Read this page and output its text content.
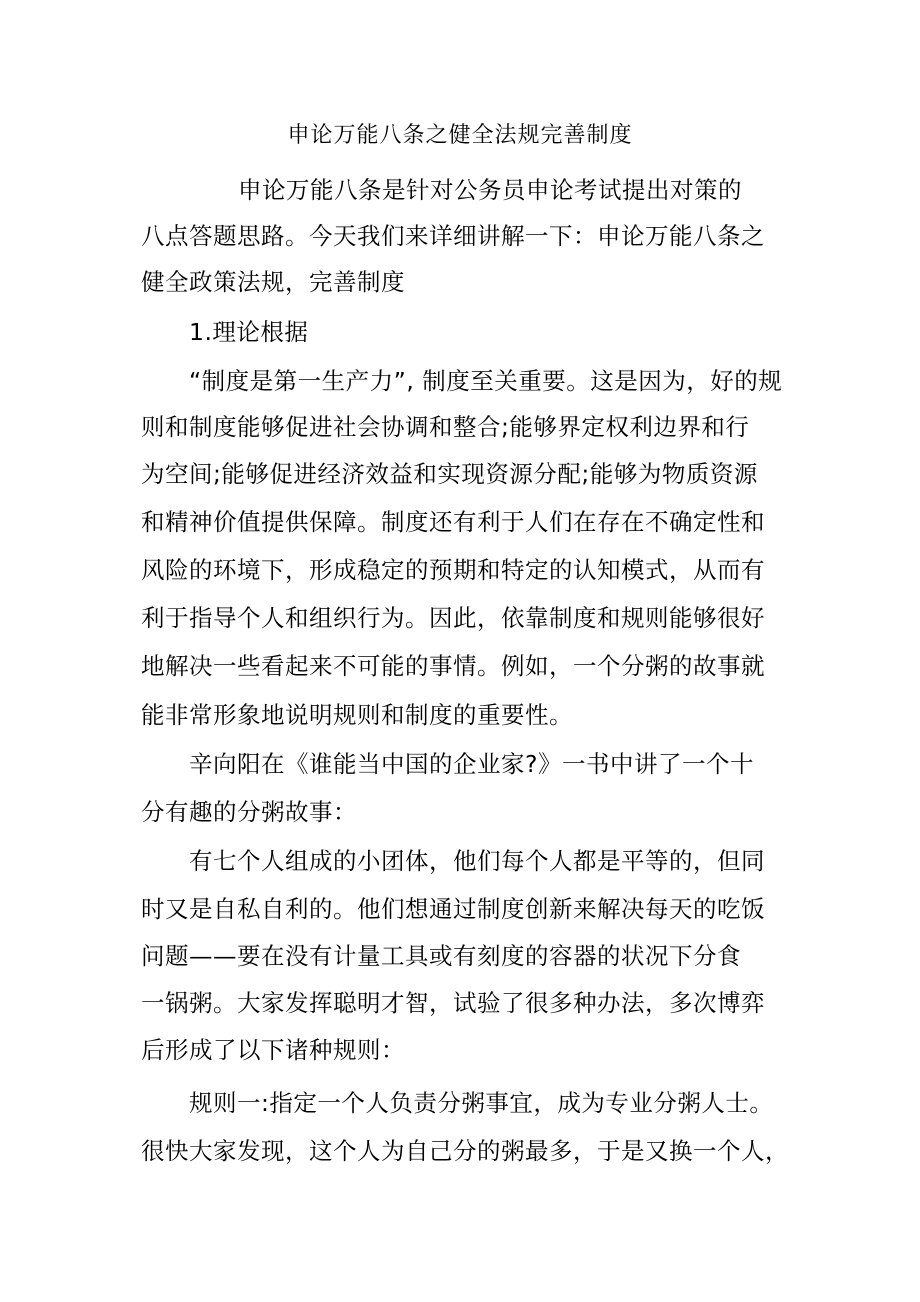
申论万能八条之健全法规完善制度
申论万能八条是针对公务员申论考试提出对策的
八点答题思路。今天我们来详细讲解一下：申论万能八条之
健全政策法规，完善制度
1.理论根据
“制度是第一生产力”, 制度至关重要。这是因为，好的规
则和制度能够促进社会协调和整合;能够界定权利边界和行
为空间;能够促进经济效益和实现资源分配;能够为物质资源
和精神价值提供保障。制度还有利于人们在存在不确定性和
风险的环境下，形成稳定的预期和特定的认知模式，从而有
利于指导个人和组织行为。因此，依靠制度和规则能够很好
地解决一些看起来不可能的事情。例如，一个分粥的故事就
能非常形象地说明规则和制度的重要性。
辛向阳在《谁能当中国的企业家?》一书中讲了一个十
分有趣的分粥故事：
有七个人组成的小团体，他们每个人都是平等的，但同
时又是自私自利的。他们想通过制度创新来解决每天的吃饭
问题——要在没有计量工具或有刻度的容器的状况下分食
一锅粥。大家发挥聪明才智，试验了很多种办法，多次博弈
后形成了以下诸种规则：
规则一:指定一个人负责分粥事宜，成为专业分粥人士。
很快大家发现，这个人为自己分的粥最多，于是又换一个人，
